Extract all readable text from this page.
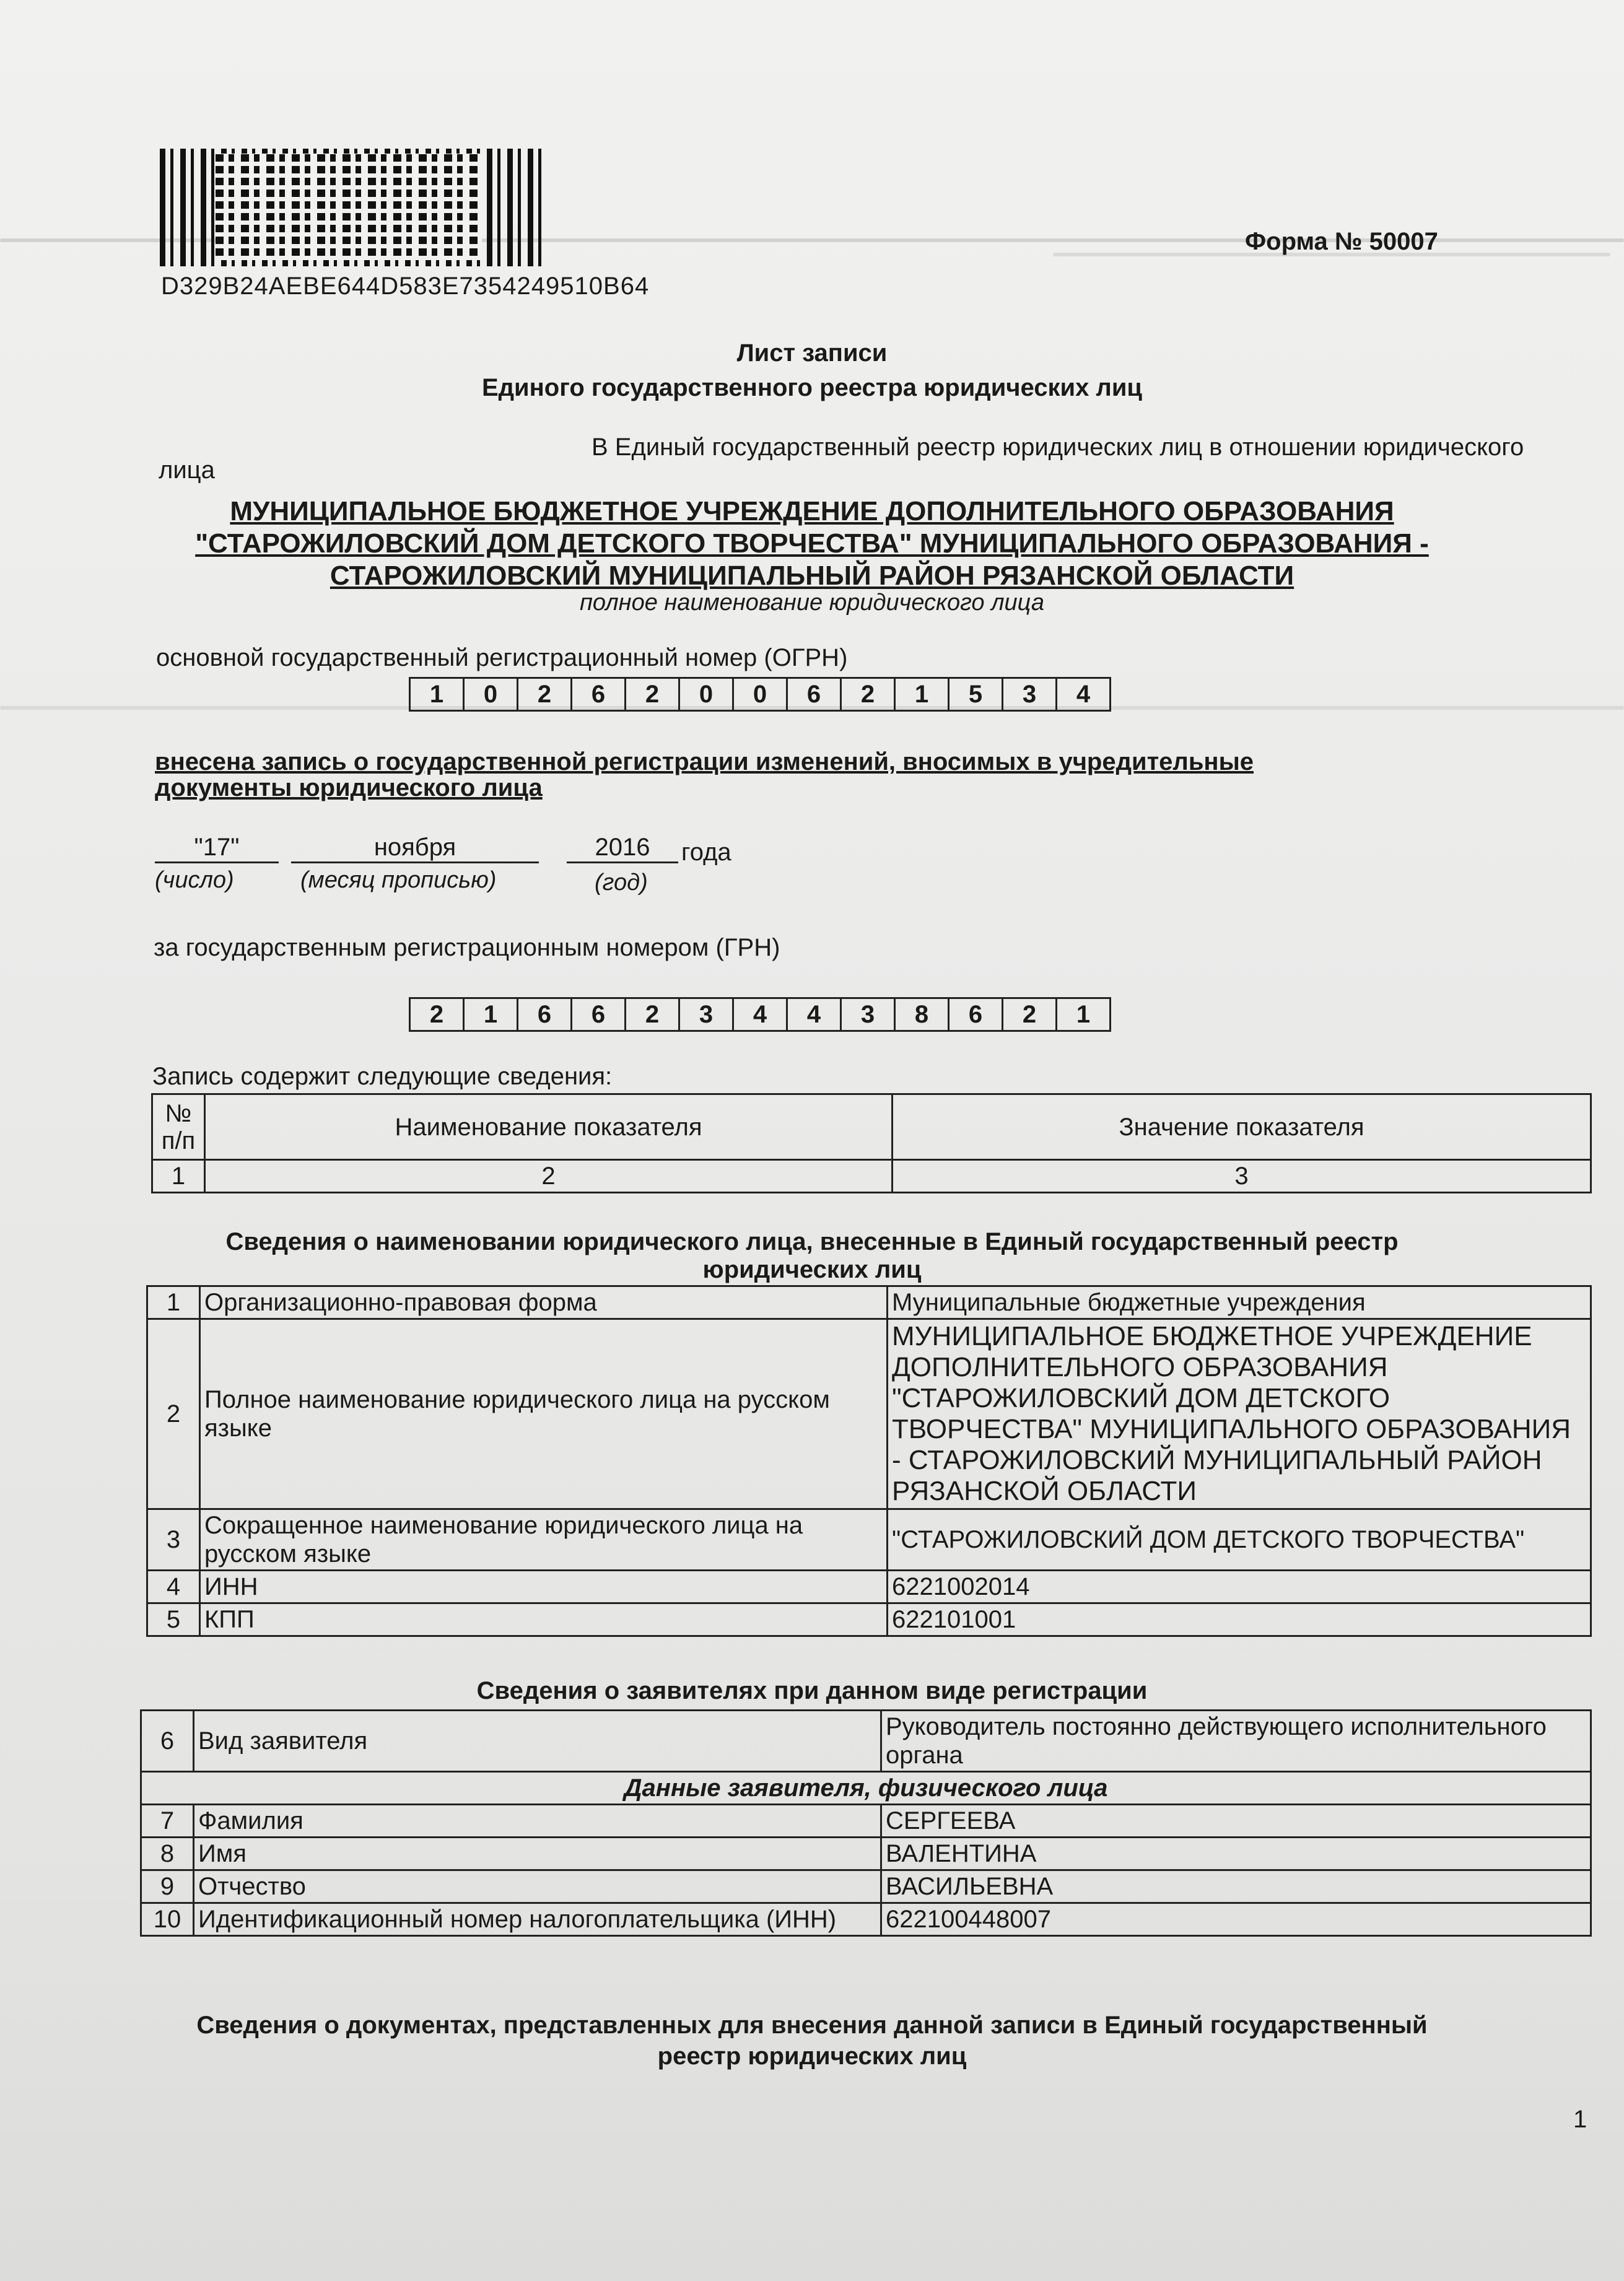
D329B24AEBE644D583E7354249510B64
Форма № 50007
Лист записи
Единого государственного реестра юридических лиц
В Единый государственный реестр юридических лиц в отношении юридического
лица
МУНИЦИПАЛЬНОЕ БЮДЖЕТНОЕ УЧРЕЖДЕНИЕ ДОПОЛНИТЕЛЬНОГО ОБРАЗОВАНИЯ
"СТАРОЖИЛОВСКИЙ ДОМ ДЕТСКОГО ТВОРЧЕСТВА" МУНИЦИПАЛЬНОГО ОБРАЗОВАНИЯ -
СТАРОЖИЛОВСКИЙ МУНИЦИПАЛЬНЫЙ РАЙОН РЯЗАНСКОЙ ОБЛАСТИ
полное наименование юридического лица
основной государственный регистрационный номер (ОГРН)
1	0	2	6	2	0	0	6	2	1	5	3	4
внесена запись о государственной регистрации изменений, вносимых в учредительные
документы юридического лица
"17"	ноября	2016	года
(число)	(месяц прописью)	(год)
за государственным регистрационным номером (ГРН)
2	1	6	6	2	3	4	4	3	8	6	2	1
Запись содержит следующие сведения:
№
п/п	Наименование показателя	Значение показателя
1	2	3
Сведения о наименовании юридического лица, внесенные в Единый государственный реестр
юридических лиц
1	Организационно-правовая форма	Муниципальные бюджетные учреждения
2	Полное наименование юридического лица на русском языке	МУНИЦИПАЛЬНОЕ БЮДЖЕТНОЕ УЧРЕЖДЕНИЕ ДОПОЛНИТЕЛЬНОГО ОБРАЗОВАНИЯ "СТАРОЖИЛОВСКИЙ ДОМ ДЕТСКОГО ТВОРЧЕСТВА" МУНИЦИПАЛЬНОГО ОБРАЗОВАНИЯ - СТАРОЖИЛОВСКИЙ МУНИЦИПАЛЬНЫЙ РАЙОН РЯЗАНСКОЙ ОБЛАСТИ
3	Сокращенное наименование юридического лица на русском языке	"СТАРОЖИЛОВСКИЙ ДОМ ДЕТСКОГО ТВОРЧЕСТВА"
4	ИНН	6221002014
5	КПП	622101001
Сведения о заявителях при данном виде регистрации
6	Вид заявителя	Руководитель постоянно действующего исполнительного органа
Данные заявителя, физического лица		
7	Фамилия	СЕРГЕЕВА
8	Имя	ВАЛЕНТИНА
9	Отчество	ВАСИЛЬЕВНА
10	Идентификационный номер налогоплательщика (ИНН)	622100448007
Сведения о документах, представленных для внесения данной записи в Единый государственный
реестр юридических лиц
1
